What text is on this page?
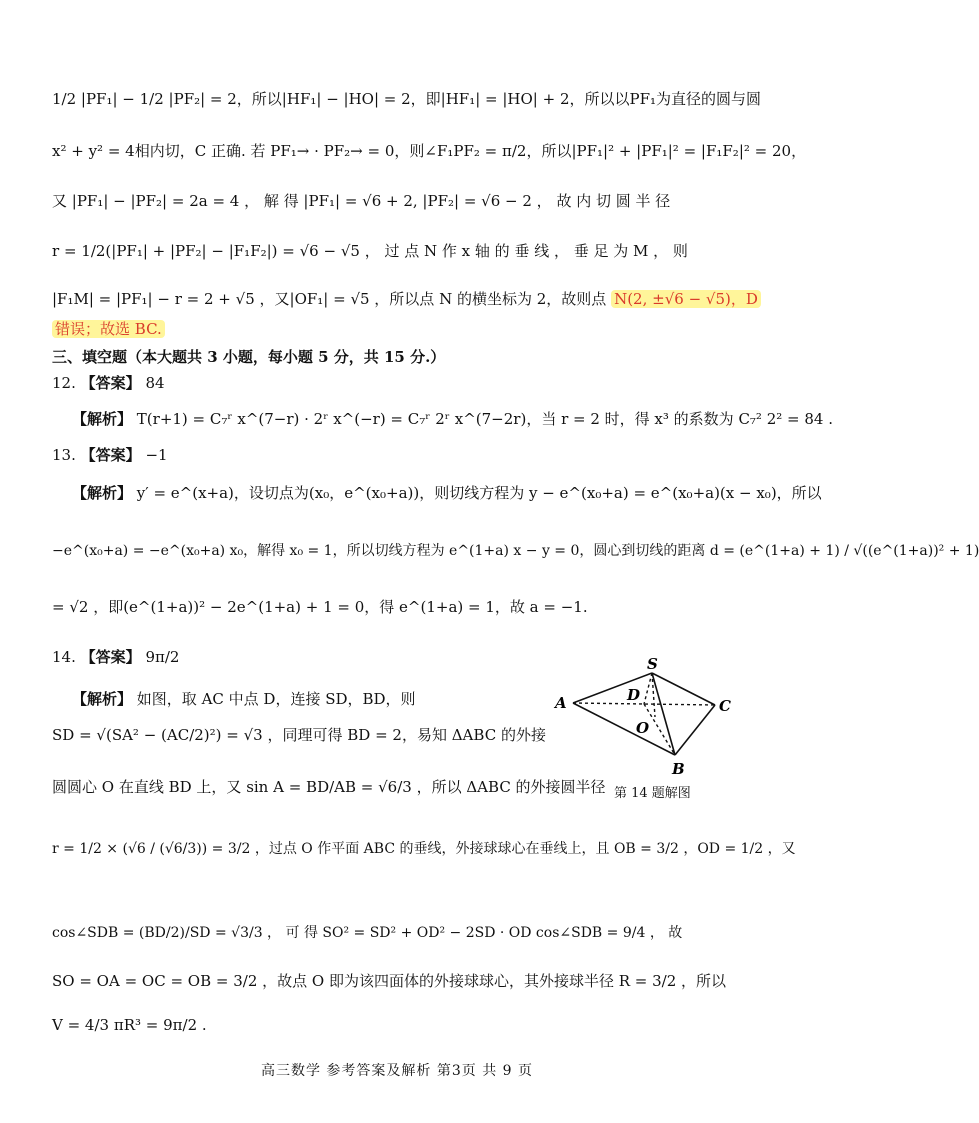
1/2 |PF₁| − 1/2 |PF₂| = 2，所以|HF₁| − |HO| = 2，即|HF₁| = |HO| + 2，所以以PF₁为直径的圆与圆
x² + y² = 4相内切，C 正确. 若 PF₁→ · PF₂→ = 0，则∠F₁PF₂ = π/2，所以|PF₁|² + |PF₁|² = |F₁F₂|² = 20，
又 |PF₁| − |PF₂| = 2a = 4 ， 解 得 |PF₁| = √6 + 2, |PF₂| = √6 − 2 ， 故 内 切 圆 半 径
r = 1/2(|PF₁| + |PF₂| − |F₁F₂|) = √6 − √5 ， 过 点 N 作 x 轴 的 垂 线 ， 垂 足 为 M ， 则
|F₁M| = |PF₁| − r = 2 + √5 ，又|OF₁| = √5 ，所以点 N 的横坐标为 2，故则点 N(2, ±√6 − √5)，D
错误；故选 BC.
三、填空题（本大题共 3 小题，每小题 5 分，共 15 分.）
12. 【答案】 84
【解析】 T(r+1) = C₇ʳ x^(7−r) · 2ʳ x^(−r) = C₇ʳ 2ʳ x^(7−2r)，当 r = 2 时，得 x³ 的系数为 C₇² 2² = 84 .
13. 【答案】 −1
【解析】 y′ = e^(x+a)，设切点为(x₀，e^(x₀+a))，则切线方程为 y − e^(x₀+a) = e^(x₀+a)(x − x₀)，所以
−e^(x₀+a) = −e^(x₀+a) x₀，解得 x₀ = 1，所以切线方程为 e^(1+a) x − y = 0，圆心到切线的距离 d = (e^(1+a) + 1) / √((e^(1+a))² + 1)
= √2 ，即(e^(1+a))² − 2e^(1+a) + 1 = 0，得 e^(1+a) = 1，故 a = −1.
14. 【答案】 9π/2
【解析】 如图，取 AC 中点 D，连接 SD，BD，则
SD = √(SA² − (AC/2)²) = √3 ，同理可得 BD = 2，易知 ΔABC 的外接
圆圆心 O 在直线 BD 上，又 sin A = BD/AB = √6/3 ，所以 ΔABC 的外接圆半径
r = 1/2 × (√6 / (√6/3)) = 3/2 ，过点 O 作平面 ABC 的垂线，外接球球心在垂线上，且 OB = 3/2 ，OD = 1/2 ，又
cos∠SDB = (BD/2)/SD = √3/3 ， 可 得 SO² = SD² + OD² − 2SD · OD cos∠SDB = 9/4 ， 故
SO = OA = OC = OB = 3/2 ，故点 O 即为该四面体的外接球球心，其外接球半径 R = 3/2 ，所以
V = 4/3 πR³ = 9π/2 .
S
A	C
B
D
O
第 14 题解图
高三数学 参考答案及解析 第3页 共 9 页
